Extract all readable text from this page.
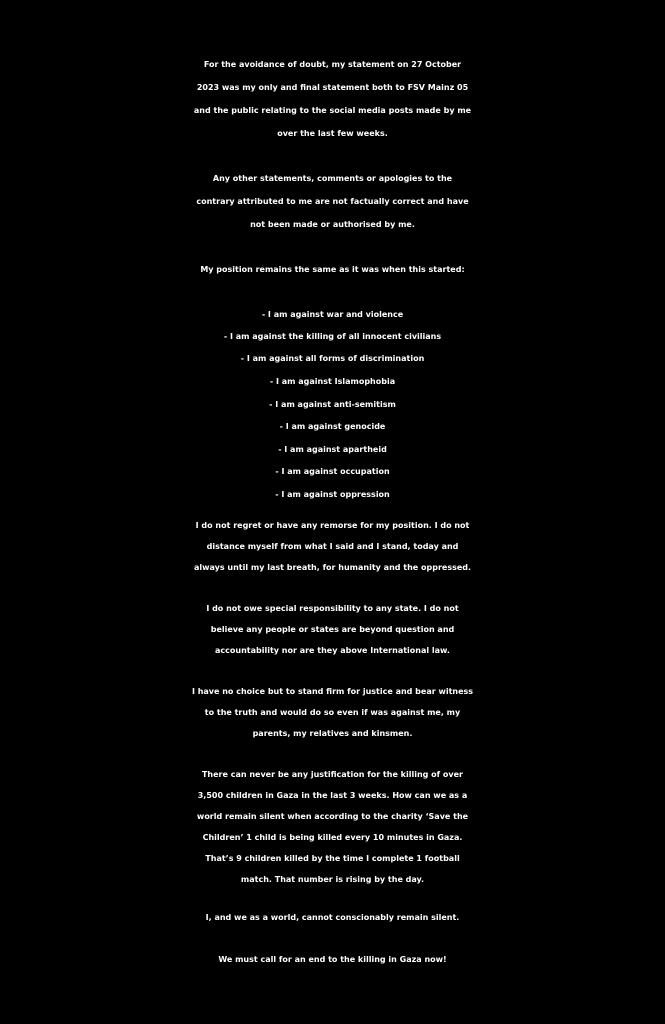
For the avoidance of doubt, my statement on 27 October
2023 was my only and final statement both to FSV Mainz 05
and the public relating to the social media posts made by me
over the last few weeks.
Any other statements, comments or apologies to the
contrary attributed to me are not factually correct and have
not been made or authorised by me.
My position remains the same as it was when this started:
- I am against war and violence
- I am against the killing of all innocent civilians
- I am against all forms of discrimination
- I am against Islamophobia
- I am against anti-semitism
- I am against genocide
- I am against apartheid
- I am against occupation
- I am against oppression
I do not regret or have any remorse for my position. I do not
distance myself from what I said and I stand, today and
always until my last breath, for humanity and the oppressed.
I do not owe special responsibility to any state. I do not
believe any people or states are beyond question and
accountability nor are they above International law.
I have no choice but to stand firm for justice and bear witness
to the truth and would do so even if was against me, my
parents, my relatives and kinsmen.
There can never be any justification for the killing of over
3,500 children in Gaza in the last 3 weeks. How can we as a
world remain silent when according to the charity ‘Save the
Children’ 1 child is being killed every 10 minutes in Gaza.
That’s 9 children killed by the time I complete 1 football
match. That number is rising by the day.
I, and we as a world, cannot conscionably remain silent.
We must call for an end to the killing in Gaza now!
